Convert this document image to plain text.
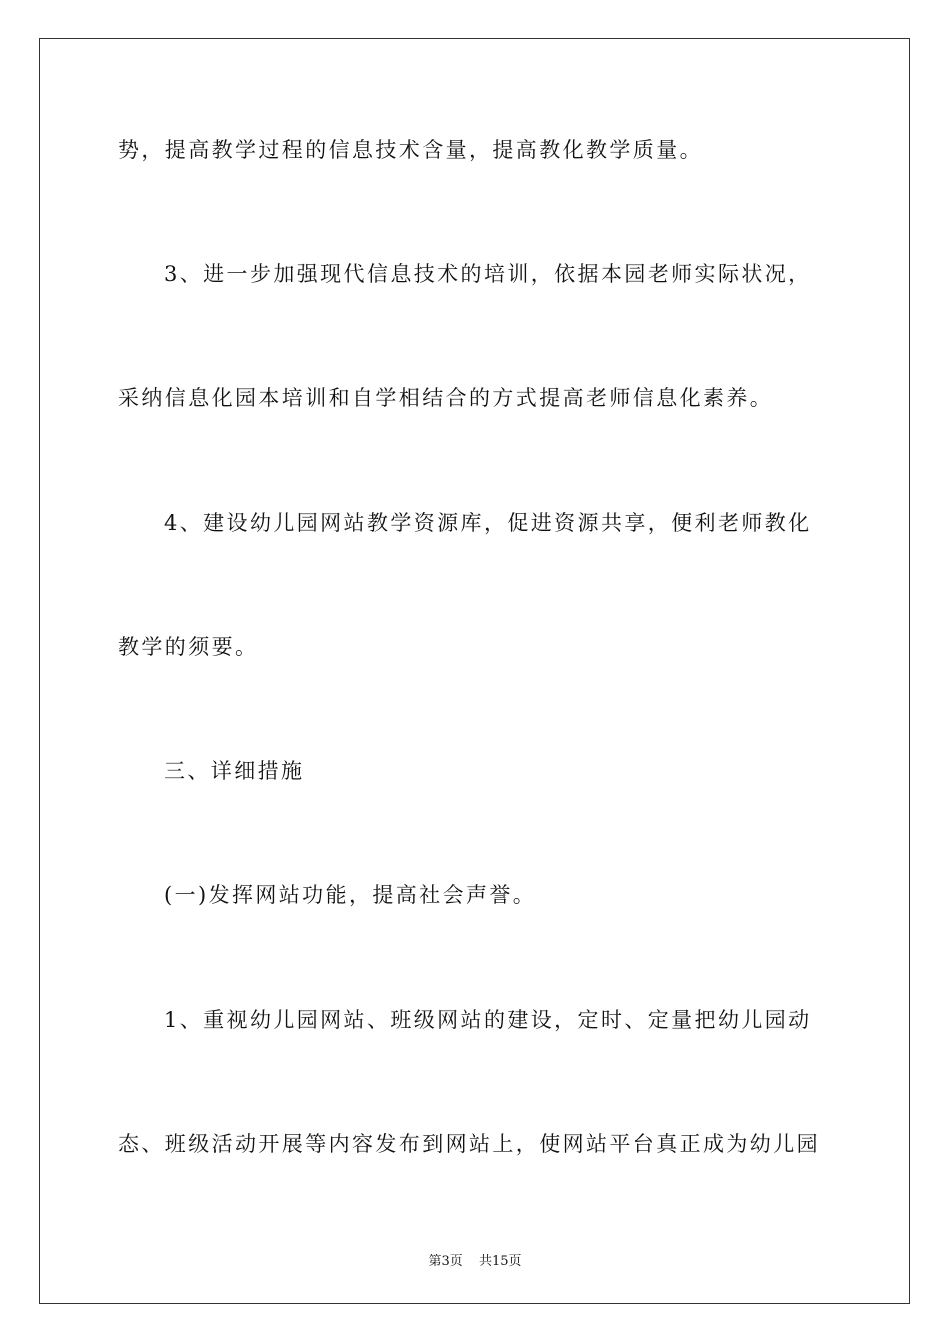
势，提高教学过程的信息技术含量，提高教化教学质量。
3、进一步加强现代信息技术的培训，依据本园老师实际状况，
采纳信息化园本培训和自学相结合的方式提高老师信息化素养。
4、建设幼儿园网站教学资源库，促进资源共享，便利老师教化
教学的须要。
三、详细措施
(一)发挥网站功能，提高社会声誉。
1、重视幼儿园网站、班级网站的建设，定时、定量把幼儿园动
态、班级活动开展等内容发布到网站上，使网站平台真正成为幼儿园
第3页 共15页
